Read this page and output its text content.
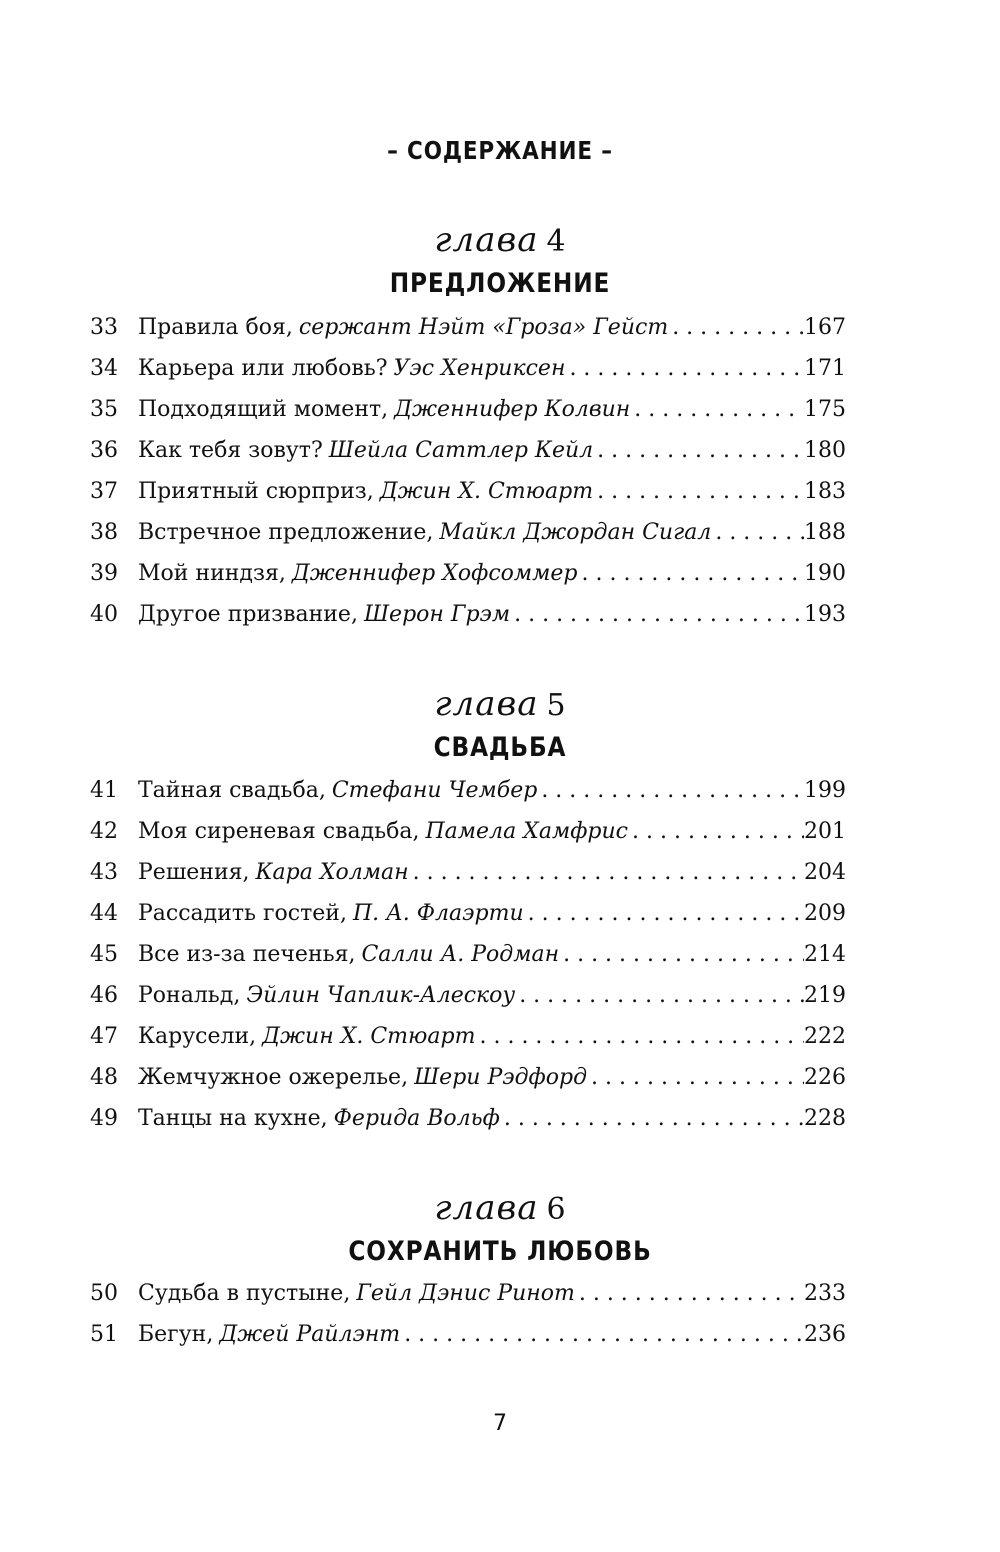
– СОДЕРЖАНИЕ –
глава 4
ПРЕДЛОЖЕНИЕ
33 Правила боя, сержант Нэйт «Гроза» Гейст . . .	167
34 Карьера или любовь? Уэс Хенриксен . . .	171
35 Подходящий момент, Дженнифер Колвин . . .	175
36 Как тебя зовут? Шейла Саттлер Кейл . . .	180
37 Приятный сюрприз, Джин Х. Стюарт . . .	183
38 Встречное предложение, Майкл Джордан Сигал . . .	188
39 Мой ниндзя, Дженнифер Хофсоммер . . .	190
40 Другое призвание, Шерон Грэм . . .	193
глава 5
СВАДЬБА
41 Тайная свадьба, Стефани Чембер . . .	199
42 Моя сиреневая свадьба, Памела Хамфрис . . .	201
43 Решения, Кара Холман . . .	204
44 Рассадить гостей, П. А. Флаэрти . . .	209
45 Все из-за печенья, Салли А. Родман . . .	214
46 Рональд, Эйлин Чаплик-Алескоу . . .	219
47 Карусели, Джин Х. Стюарт . . .	222
48 Жемчужное ожерелье, Шери Рэдфорд . . .	226
49 Танцы на кухне, Ферида Вольф . . .	228
глава 6
СОХРАНИТЬ ЛЮБОВЬ
50 Судьба в пустыне, Гейл Дэнис Ринот . . .	233
51 Бегун, Джей Райлэнт . . .	236
7
